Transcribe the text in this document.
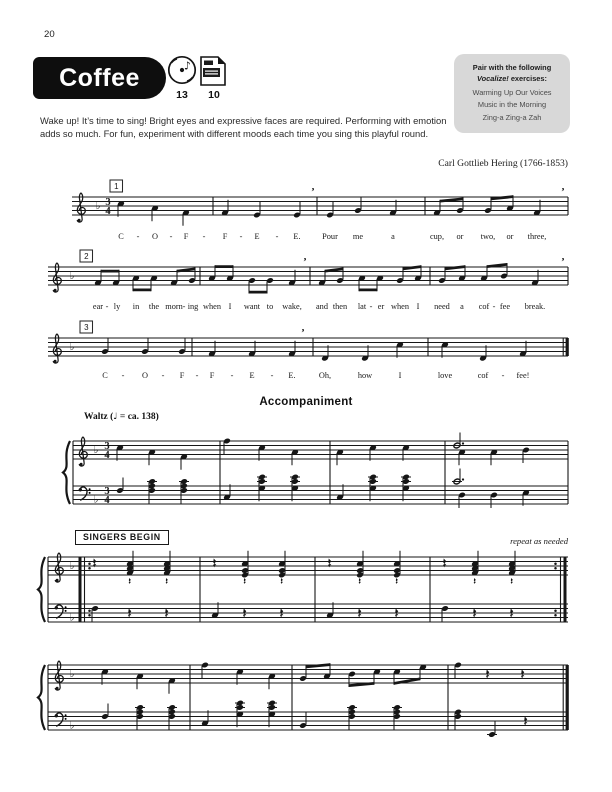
♭ 3
4
1	’	’
C - O - F - F - E - E.	Pour me	a	cup, or two, or three,
♭
2	’	’
ear - ly in the morn - ing when I want to wake, and then lat - er when I need a cof - fee break.
♭
3	’
C - O - F - F - E - E.	Oh,	how	I	love	cof - fee!
♭ 3
4
♭
3
4
♭
♭
♭
♭
20
Coffee	♪
13 10
Pair with the following
Vocalize! exercises:
Warming Up Our Voices
Music in the Morning
Zing-a Zing-a Zah
Wake up! It’s time to sing! Bright eyes and expressive faces are required. Performing with emotion adds so much. For fun, experiment with different moods each time you sing this playful round.
Carl Gottlieb Hering (1766-1853)
Accompaniment
Waltz (♩ = ca. 138)
SINGERS BEGIN	repeat as needed
